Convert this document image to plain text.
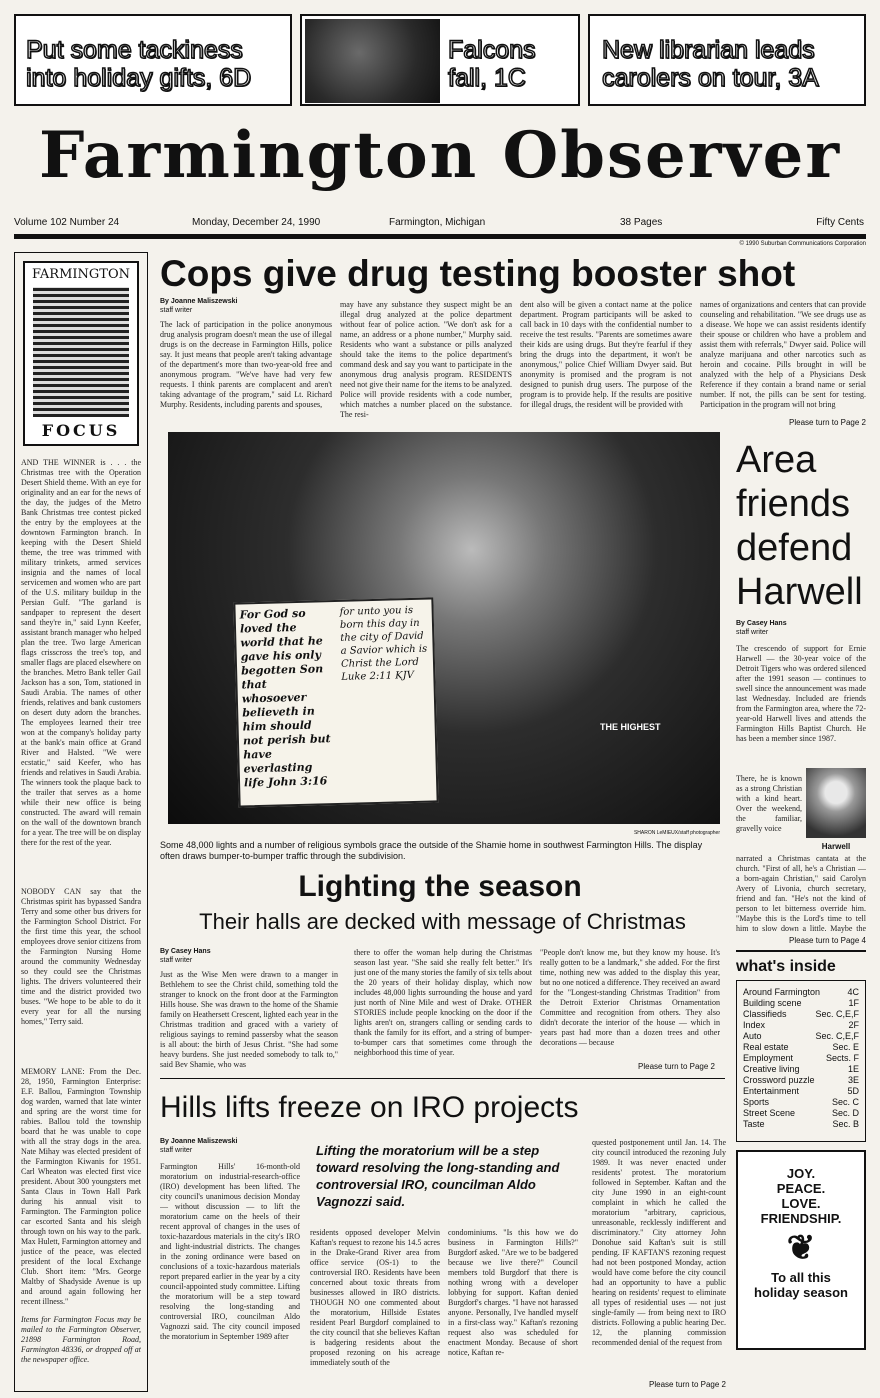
Put some tackiness into holiday gifts, 6D
Falcons fall, 1C
New librarian leads carolers on tour, 3A
Farmington Observer
Volume 102 Number 24	Monday, December 24, 1990	Farmington, Michigan	38 Pages	Fifty Cents
© 1990 Suburban Communications Corporation
FARMINGTON
FOCUS
AND THE WINNER is . . . the Christmas tree with the Operation Desert Shield theme. With an eye for originality and an ear for the news of the day, the judges of the Metro Bank Christmas tree contest picked the entry by the employees at the downtown Farmington branch. In keeping with the Desert Shield theme, the tree was trimmed with military trinkets, armed services insignia and the names of local servicemen and women who are part of the U.S. military buildup in the Persian Gulf. "The garland is sandpaper to represent the desert sand they're in," said Lynn Keefer, assistant branch manager who helped plan the tree. Two large American flags crisscross the tree's top, and smaller flags are placed elsewhere on the branches. Metro Bank teller Gail Jackson has a son, Tom, stationed in Saudi Arabia. The names of other friends, relatives and bank customers on desert duty adorn the branches. The employees learned their tree won at the company's holiday party at the bank's main office at Grand River and Halsted. "We were ecstatic," said Keefer, who has friends and relatives in Saudi Arabia. The winners took the plaque back to the trailer that serves as a home while their new office is being constructed. The award will remain on the wall of the downtown branch for a year. The tree will be on display there for the rest of the year.
NOBODY CAN say that the Christmas spirit has bypassed Sandra Terry and some other bus drivers for the Farmington School District. For the first time this year, the school employees drove senior citizens from the Farmington Nursing Home around the community Wednesday so they could see the Christmas lights. The drivers volunteered their time and the district provided two buses. "We hope to be able to do it every year for all the nursing homes," Terry said.
MEMORY LANE: From the Dec. 28, 1950, Farmington Enterprise: E.F. Ballou, Farmington Township dog warden, warned that late winter and spring are the worst time for rabies. Ballou told the township board that he was unable to cope with all the stray dogs in the area. Nate Mihay was elected president of the Farmington Kiwanis for 1951. Carl Wheaton was elected first vice president. About 300 youngsters met Santa Claus in Town Hall Park during his annual visit to Farmington. The Farmington police car escorted Santa and his sleigh through town on his way to the park. Max Hulett, Farmington attorney and justice of the peace, was elected president of the local Exchange Club. Short item: "Mrs. George Maltby of Shadyside Avenue is up and around again following her recent illness."
Items for Farmington Focus may be mailed to the Farmington Observer, 21898 Farmington Road, Farmington 48336, or dropped off at the newspaper office.
Cops give drug testing booster shot
By Joanne Maliszewski
staff writer
The lack of participation in the police anonymous drug analysis program doesn't mean the use of illegal drugs is on the decrease in Farmington Hills, police say. It just means that people aren't taking advantage of the department's more than two-year-old free and anonymous program. "We've have had very few requests. I think parents are complacent and aren't taking advantage of the program," said Lt. Richard Murphy. Residents, including parents and spouses,
may have any substance they suspect might be an illegal drug analyzed at the police department without fear of police action. "We don't ask for a name, an address or a phone number," Murphy said. Residents who want a substance or pills analyzed should take the items to the police department's command desk and say you want to participate in the anonymous drug analysis program. RESIDENTS need not give their name for the items to be analyzed. Police will provide residents with a code number, which matches a number placed on the substance. The resi-
dent also will be given a contact name at the police department. Program participants will be asked to call back in 10 days with the confidential number to receive the test results. "Parents are sometimes aware their kids are using drugs. But they're fearful if they bring the drugs into the department, it won't be anonymous," police Chief William Dwyer said. But anonymity is promised and the program is not designed to punish drug users. The purpose of the program is to provide help. If the results are positive for illegal drugs, the resident will be provided with
names of organizations and centers that can provide counseling and rehabilitation. "We see drugs use as a disease. We hope we can assist residents identify their spouse or children who have a problem and assist them with referrals," Dwyer said. Police will analyze marijuana and other narcotics such as heroin and cocaine. Pills brought in will be analyzed with the help of a Physicians Desk Reference if they contain a brand name or serial number. If not, the pills can be sent for testing. Participation in the program will not bring
Please turn to Page 2
For God so loved the world that he gave his only begotten Son that whosoever believeth in him should not perish but have everlasting life John 3:16
for unto you is born this day in the city of David a Savior which is Christ the Lord Luke 2:11 KJV
THE HIGHEST
SHARON LeMIEUX/staff photographer
Some 48,000 lights and a number of religious symbols grace the outside of the Shamie home in southwest Farmington Hills. The display often draws bumper-to-bumper traffic through the subdivision.
Lighting the season
Their halls are decked with message of Christmas
By Casey Hans
staff writer
Just as the Wise Men were drawn to a manger in Bethlehem to see the Christ child, something told the stranger to knock on the front door at the Farmington Hills house. She was drawn to the home of the Shamie family on Heathersett Crescent, lighted each year in the Christmas tradition and graced with a variety of religious sayings to remind passersby what the season is all about: the birth of Jesus Christ. "She had some heavy burdens. She just needed somebody to talk to," said Bev Shamie, who was
there to offer the woman help during the Christmas season last year. "She said she really felt better." It's just one of the many stories the family of six tells about the 20 years of their holiday display, which now includes 48,000 lights surrounding the house and yard just north of Nine Mile and west of Drake. OTHER STORIES include people knocking on the door if the lights aren't on, strangers calling or sending cards to thank the family for its effort, and a string of bumper-to-bumper cars that sometimes come through the neighborhood this time of year.
"People don't know me, but they know my house. It's really gotten to be a landmark," she added. For the first time, nothing new was added to the display this year, but no one noticed a difference. They received an award for the "Longest-standing Christmas Tradition" from the Detroit Exterior Christmas Ornamentation Committee and recognition from others. They also didn't decorate the interior of the house — which in years past had more than a dozen trees and other decorations — because
Please turn to Page 2
Area friends defend Harwell
By Casey Hans
staff writer
The crescendo of support for Ernie Harwell — the 30-year voice of the Detroit Tigers who was ordered silenced after the 1991 season — continues to swell since the announcement was made last Wednesday. Included are friends from the Farmington area, where the 72-year-old Harwell lives and attends the Farmington Hills Baptist Church. He has been a member since 1987.
There, he is known as a strong Christian with a kind heart. Over the weekend, the familiar, gravelly voice
Harwell
narrated a Christmas cantata at the church. "First of all, he's a Christian — a born-again Christian," said Carolyn Avery of Livonia, church secretary, friend and fan. "He's not the kind of person to let bitterness override him. "Maybe this is the Lord's time to tell him to slow down a little. Maybe the
Please turn to Page 4
what's inside
Around Farmington	4C
Building scene	1F
Classifieds	Sec. C,E,F
Index	2F
Auto	Sec. C,E,F
Real estate	Sec. E
Employment	Sects. F
Creative living	1E
Crossword puzzle	3E
Entertainment	5D
Sports	Sec. C
Street Scene	Sec. D
Taste	Sec. B
JOY.
PEACE.
LOVE.
FRIENDSHIP.
❦
To all this
holiday season
Hills lifts freeze on IRO projects
By Joanne Maliszewski
staff writer
Farmington Hills' 16-month-old moratorium on industrial-research-office (IRO) development has been lifted. The city council's unanimous decision Monday — without discussion — to lift the moratorium came on the heels of their recent approval of changes in the uses of toxic-hazardous materials in the city's IRO and light-industrial districts. The changes in the zoning ordinance were based on conclusions of a toxic-hazardous materials report prepared earlier in the year by a city council-appointed study committee. Lifting the moratorium will be a step toward resolving the long-standing and controversial IRO, councilman Aldo Vagnozzi said. The city council imposed the moratorium in September 1989 after
Lifting the moratorium will be a step toward resolving the long-standing and controversial IRO, councilman Aldo Vagnozzi said.
residents opposed developer Melvin Kaftan's request to rezone his 14.5 acres in the Drake-Grand River area from office service (OS-1) to the controversial IRO. Residents have been concerned about toxic threats from businesses allowed in IRO districts. THOUGH NO one commented about the moratorium, Hillside Estates resident Pearl Burgdorf complained to the city council that she believes Kaftan is badgering residents about the proposed rezoning on his acreage immediately south of the
condominiums. "Is this how we do business in Farmington Hills?" Burgdorf asked. "Are we to be badgered because we live there?" Council members told Burgdorf that there is nothing wrong with a developer lobbying for support. Kaftan denied Burgdorf's charges. "I have not harassed anyone. Personally, I've handled myself in a first-class way." Kaftan's rezoning request also was scheduled for enactment Monday. Because of short notice, Kaftan re-
quested postponement until Jan. 14. The city council introduced the rezoning July 1989. It was never enacted under residents' protest. The moratorium followed in September. Kaftan and the city June 1990 in an eight-count complaint in which he called the moratorium "arbitrary, capricious, unreasonable, recklessly indifferent and discriminatory." City attorney John Donohue said Kaftan's suit is still pending. IF KAFTAN'S rezoning request had not been postponed Monday, action would have come before the city council had an opportunity to have a public hearing on residents' request to eliminate all types of residential uses — not just single-family — from being next to IRO districts. Following a public hearing Dec. 12, the planning commission recommended denial of the request from
Please turn to Page 2
